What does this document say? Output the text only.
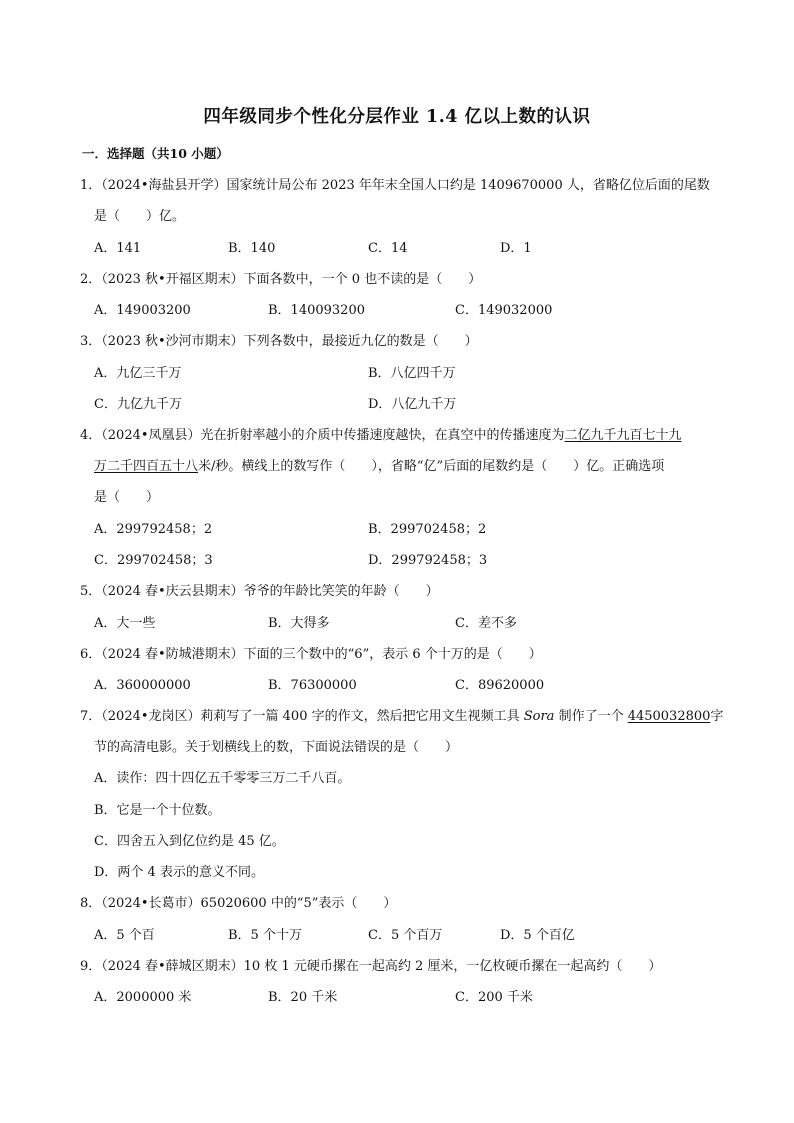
四年级同步个性化分层作业 1.4 亿以上数的认识
一．选择题（共10 小题）
1．（2024•海盐县开学）国家统计局公布 2023 年年末全国人口约是 1409670000 人，省略亿位后面的尾数
是（　　）亿。
A．141	B．140	C．14	D．1
2．（2023 秋•开福区期末）下面各数中，一个 0 也不读的是（　　）
A．149003200	B．140093200	C．149032000
3．（2023 秋•沙河市期末）下列各数中，最接近九亿的数是（　　）
A．九亿三千万	B．八亿四千万
C．九亿九千万	D．八亿九千万
4．（2024•凤凰县）光在折射率越小的介质中传播速度越快，在真空中的传播速度为二亿九千九百七十九
万二千四百五十八米/秒。横线上的数写作（　　），省略“亿”后面的尾数约是（　　）亿。正确选项
是（　　）
A．299792458；2	B．299702458；2
C．299702458；3	D．299792458；3
5．（2024 春•庆云县期末）爷爷的年龄比笑笑的年龄（　　）
A．大一些	B．大得多	C．差不多
6．（2024 春•防城港期末）下面的三个数中的“6”，表示 6 个十万的是（　　）
A．360000000	B．76300000	C．89620000
7．（2024•龙岗区）莉莉写了一篇 400 字的作文，然后把它用文生视频工具 Sora 制作了一个 4450032800字
节的高清电影。关于划横线上的数，下面说法错误的是（　　）
A．读作：四十四亿五千零零三万二千八百。
B．它是一个十位数。
C．四舍五入到亿位约是 45 亿。
D．两个 4 表示的意义不同。
8．（2024•长葛市）65020600 中的“5”表示（　　）
A．5 个百	B．5 个十万	C．5 个百万	D．5 个百亿
9．（2024 春•薛城区期末）10 枚 1 元硬币摞在一起高约 2 厘米，一亿枚硬币摞在一起高约（　　）
A．2000000 米	B．20 千米	C．200 千米
